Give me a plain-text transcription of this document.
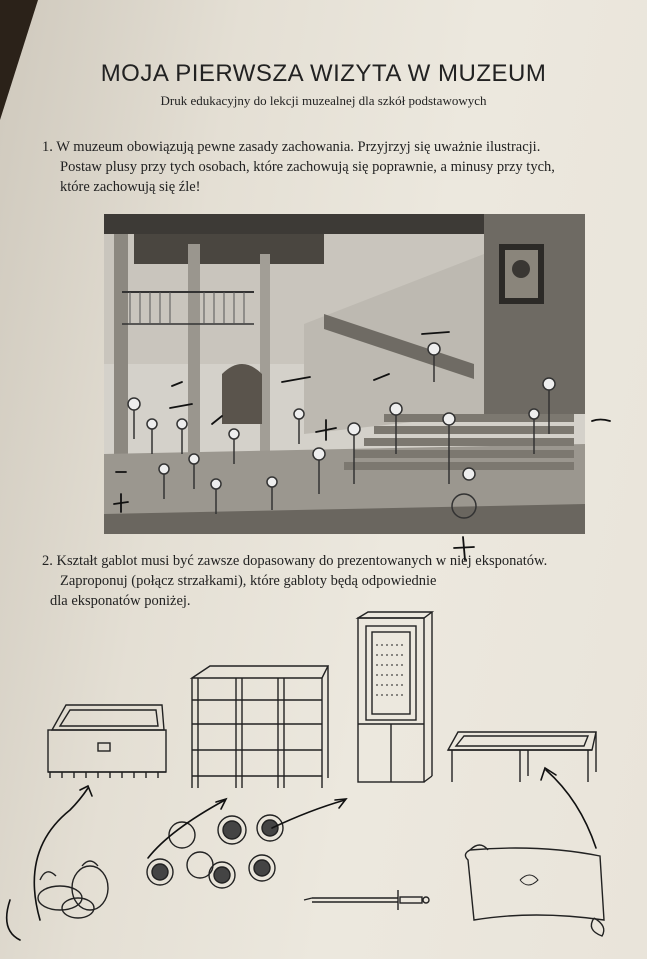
MOJA PIERWSZA WIZYTA W MUZEUM
Druk edukacyjny do lekcji muzealnej dla szkół podstawowych
1. W muzeum obowiązują pewne zasady zachowania. Przyjrzyj się uważnie ilustracji.
Postaw plusy przy tych osobach, które zachowują się poprawnie, a minusy przy tych,
które zachowują się źle!
2. Kształt gablot musi być zawsze dopasowany do prezentowanych w niej eksponatów.
Zaproponuj (połącz strzałkami), które gabloty będą odpowiednie
dla eksponatów poniżej.
